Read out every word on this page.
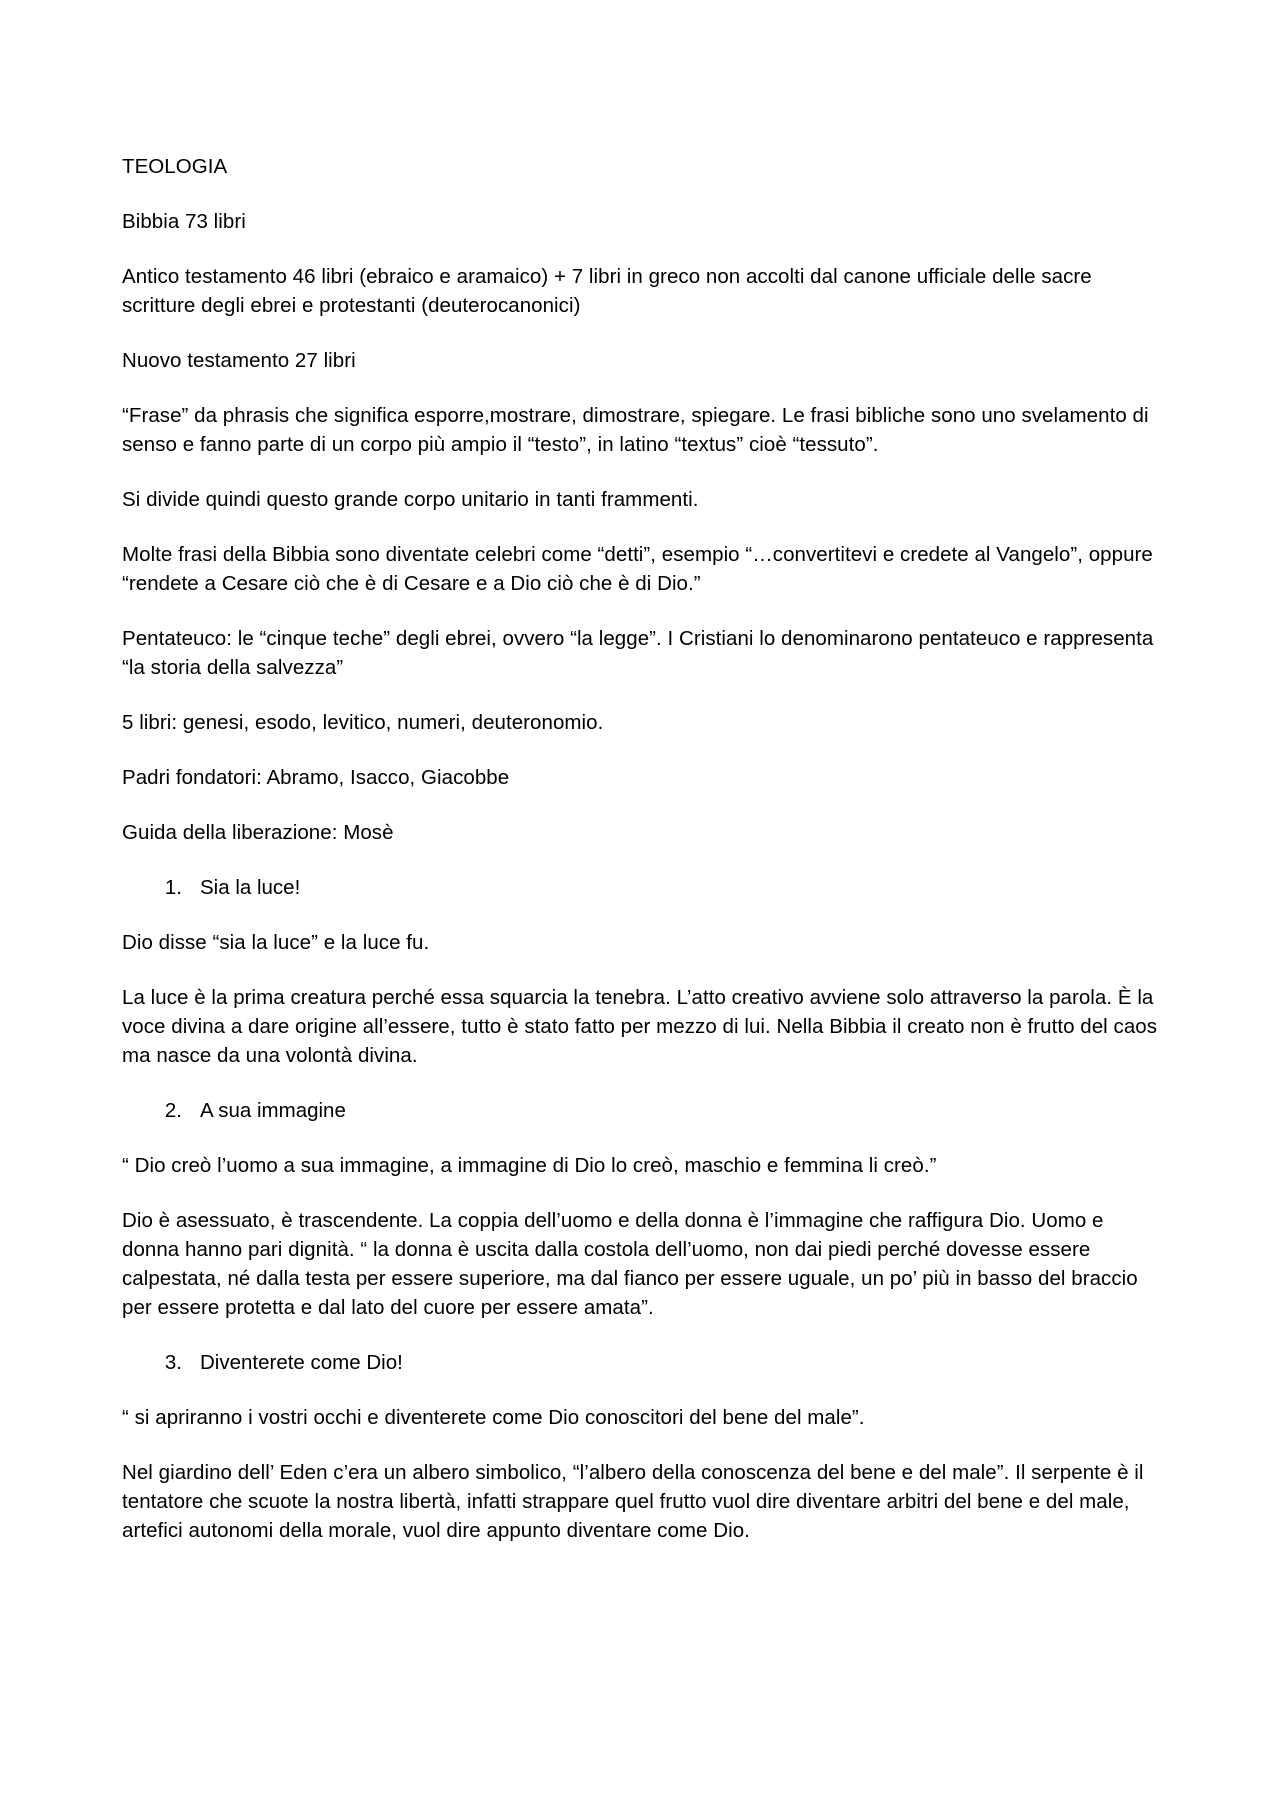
TEOLOGIA

Bibbia 73 libri

Antico testamento 46 libri (ebraico e aramaico) + 7 libri in greco non accolti dal canone ufficiale delle sacre scritture degli ebrei e protestanti (deuterocanonici)

Nuovo testamento 27 libri

“Frase” da phrasis che significa esporre,mostrare, dimostrare, spiegare. Le frasi bibliche sono uno svelamento di senso e fanno parte di un corpo più ampio il “testo”, in latino “textus” cioè “tessuto”.

Si divide quindi questo grande corpo unitario in tanti frammenti.

Molte frasi della Bibbia sono diventate celebri come “detti”, esempio “…convertitevi e credete al Vangelo”, oppure “rendete a Cesare ciò che è di Cesare e a Dio ciò che è di Dio.”

Pentateuco: le “cinque teche” degli ebrei, ovvero “la legge”. I Cristiani lo denominarono pentateuco e rappresenta “la storia della salvezza”

5 libri: genesi, esodo, levitico, numeri, deuteronomio.

Padri fondatori: Abramo, Isacco, Giacobbe

Guida della liberazione: Mosè

1. Sia la luce!

Dio disse “sia la luce” e la luce fu.

La luce è la prima creatura perché essa squarcia la tenebra. L’atto creativo avviene solo attraverso la parola. È la voce divina a dare origine all’essere, tutto è stato fatto per mezzo di lui. Nella Bibbia il creato non è frutto del caos ma nasce da una volontà divina.

2. A sua immagine

“ Dio creò l’uomo a sua immagine, a immagine di Dio lo creò, maschio e femmina li creò.”

Dio è asessuato, è trascendente. La coppia dell’uomo e della donna è l’immagine che raffigura Dio. Uomo e donna hanno pari dignità. “ la donna è uscita dalla costola dell’uomo, non dai piedi perché dovesse essere calpestata, né dalla testa per essere superiore, ma dal fianco per essere uguale, un po’ più in basso del braccio per essere protetta e dal lato del cuore per essere amata”.

3. Diventerete come Dio!

“ si apriranno i vostri occhi e diventerete come Dio conoscitori del bene del male”.

Nel giardino dell’ Eden c’era un albero simbolico, “l’albero della conoscenza del bene e del male”. Il serpente è il tentatore che scuote la nostra libertà, infatti strappare quel frutto vuol dire diventare arbitri del bene e del male, artefici autonomi della morale, vuol dire appunto diventare come Dio.
